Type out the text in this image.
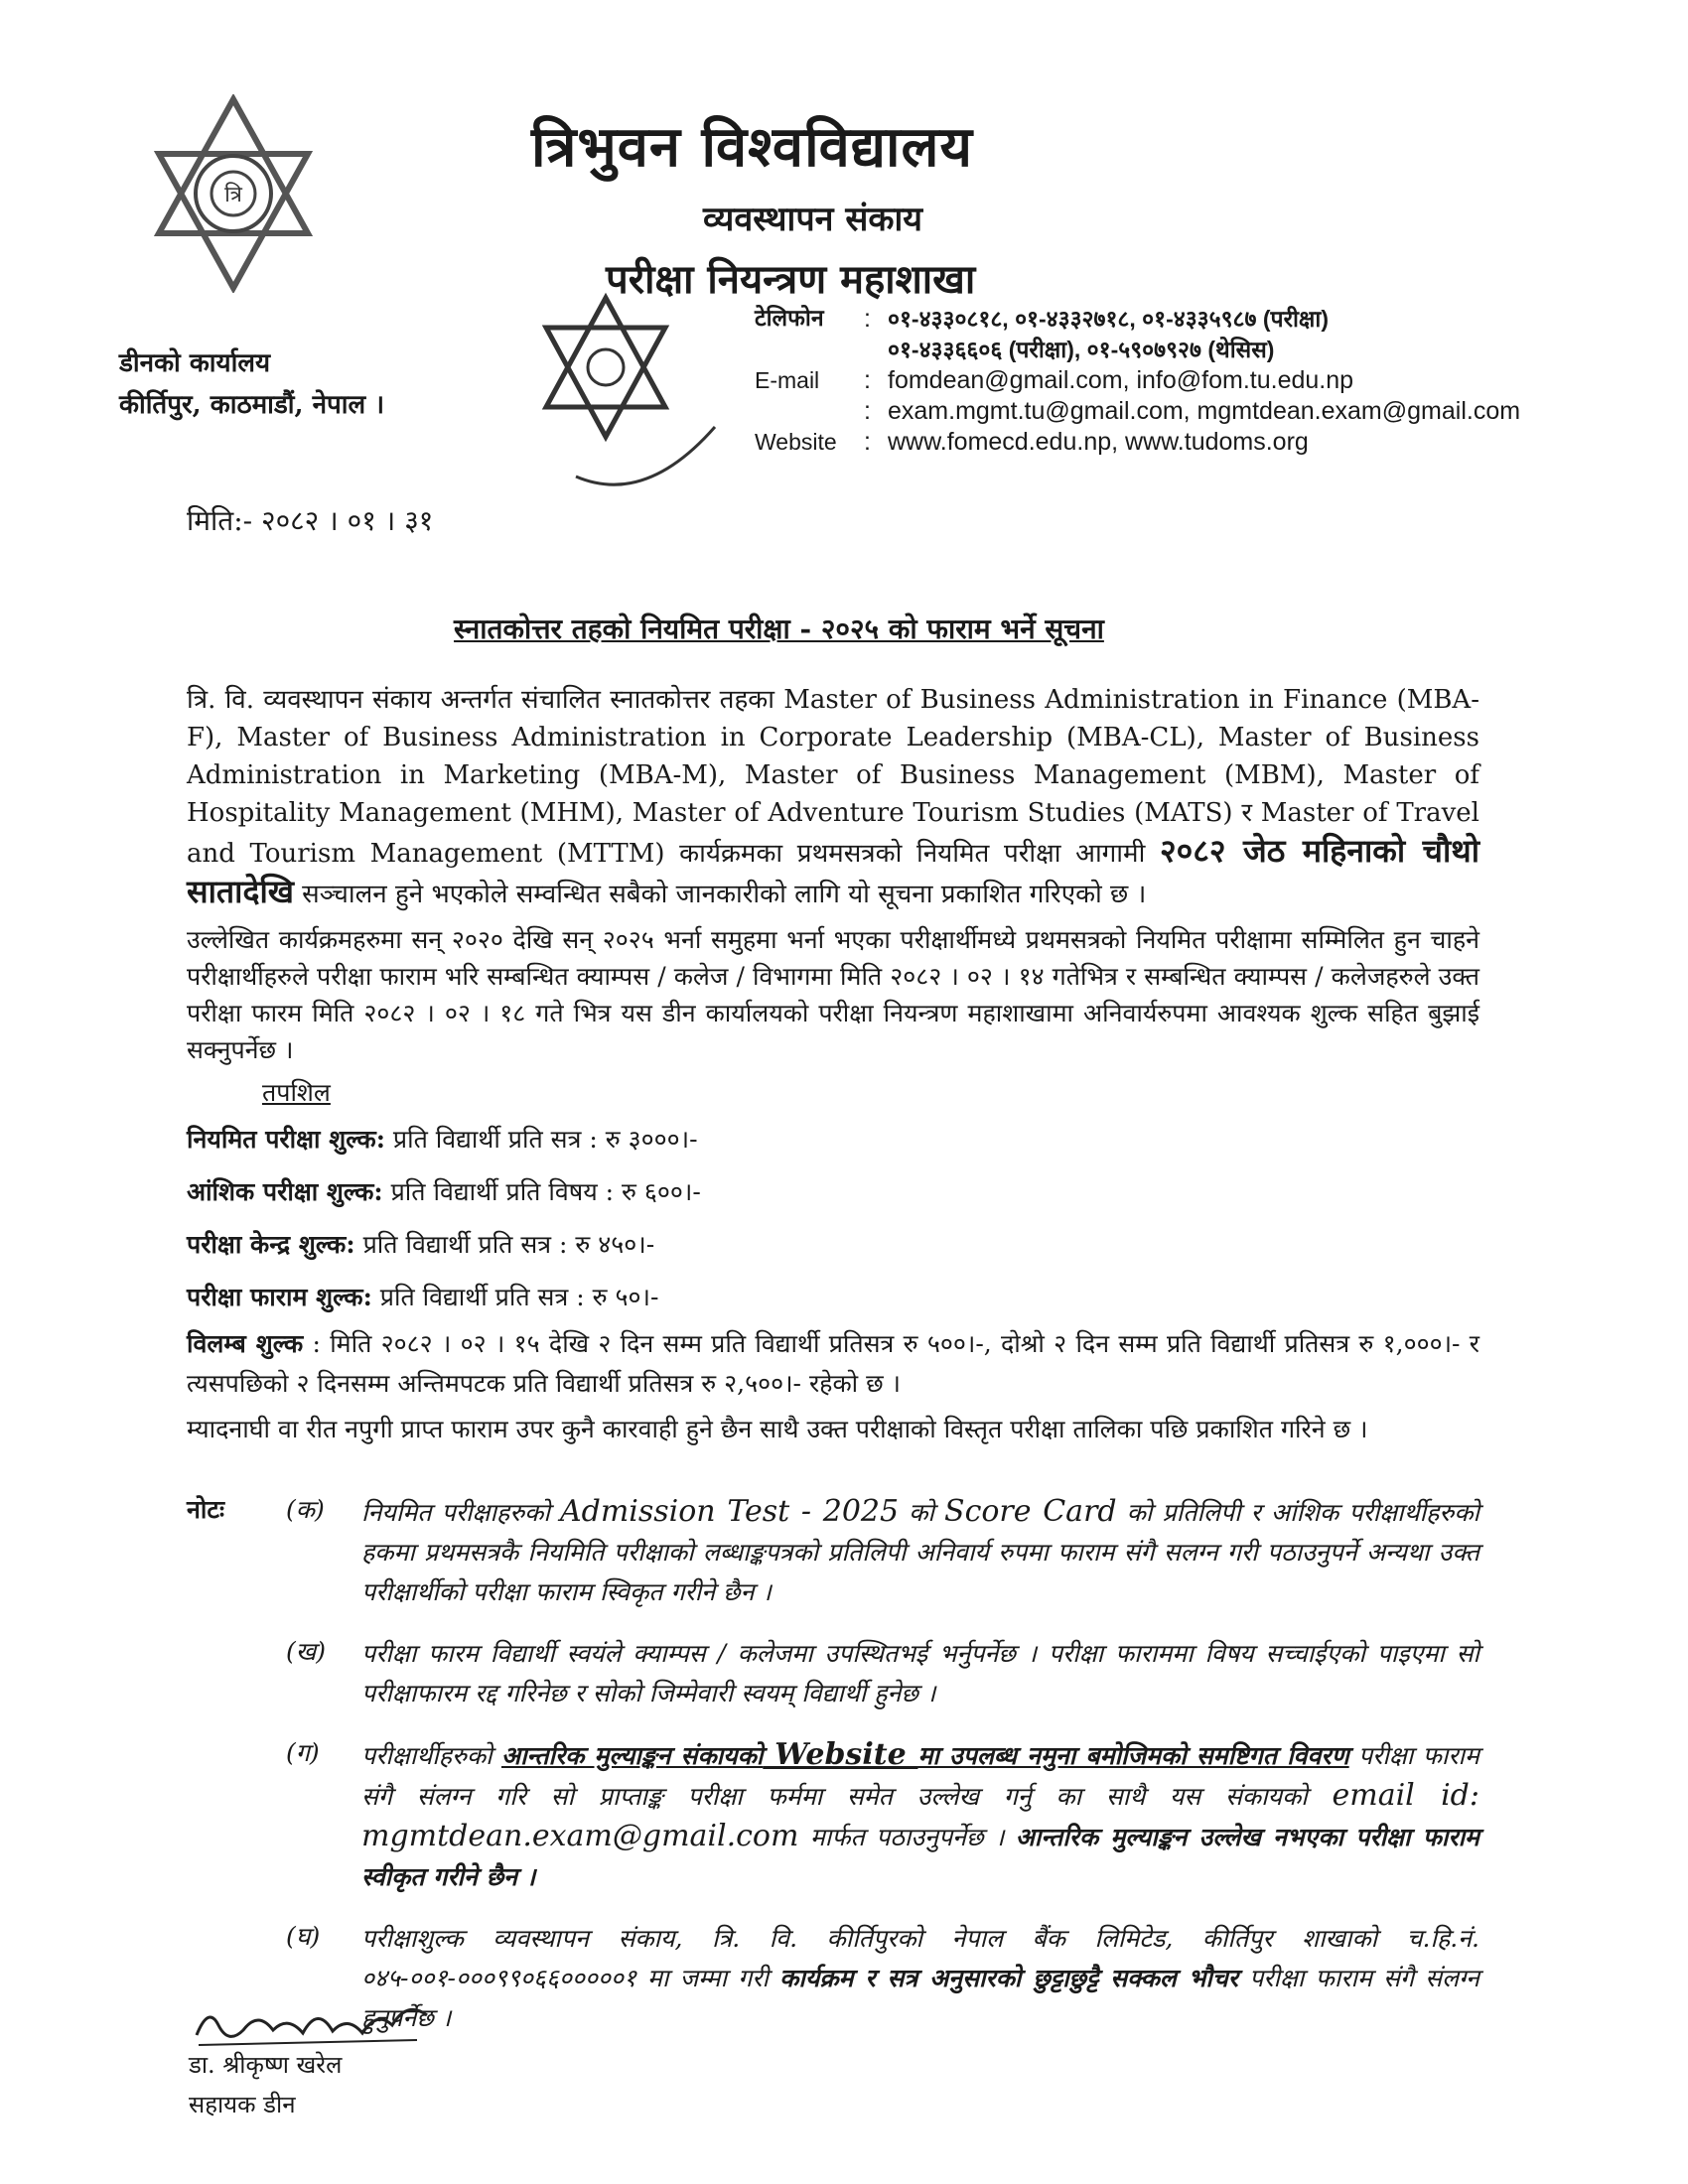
त्रि
त्रिभुवन विश्वविद्यालय
व्यवस्थापन संकाय
परीक्षा नियन्त्रण महाशाखा
डीनको कार्यालय
कीर्तिपुर, काठमाडौं, नेपाल ।
टेलिफोन	: ०१-४३३०८१८, ०१-४३३२७१८, ०१-४३३५९८७ (परीक्षा)
०१-४३३६६०६ (परीक्षा), ०१-५९०७९२७ (थेसिस)
E-mail	: fomdean@gmail.com, info@fom.tu.edu.np
: exam.mgmt.tu@gmail.com, mgmtdean.exam@gmail.com
Website	: www.fomecd.edu.np, www.tudoms.org
मिति:- २०८२ । ०१ । ३१
स्नातकोत्तर तहको नियमित परीक्षा - २०२५ को फाराम भर्ने सूचना
त्रि. वि. व्यवस्थापन संकाय अन्तर्गत संचालित स्नातकोत्तर तहका Master of Business Administration in Finance (MBA-F), Master of Business Administration in Corporate Leadership (MBA-CL), Master of Business Administration in Marketing (MBA-M), Master of Business Management (MBM), Master of Hospitality Management (MHM), Master of Adventure Tourism Studies (MATS) र Master of Travel and Tourism Management (MTTM) कार्यक्रमका प्रथमसत्रको नियमित परीक्षा आगामी २०८२ जेठ महिनाको चौथो सातादेखि सञ्चालन हुने भएकोले सम्वन्धित सबैको जानकारीको लागि यो सूचना प्रकाशित गरिएको छ ।
उल्लेखित कार्यक्रमहरुमा सन् २०२० देखि सन् २०२५ भर्ना समुहमा भर्ना भएका परीक्षार्थीमध्ये प्रथमसत्रको नियमित परीक्षामा सम्मिलित हुन चाहने परीक्षार्थीहरुले परीक्षा फाराम भरि सम्बन्धित क्याम्पस / कलेज / विभागमा मिति २०८२ । ०२ । १४ गतेभित्र र सम्बन्धित क्याम्पस / कलेजहरुले उक्त परीक्षा फारम मिति २०८२ । ०२ । १८ गते भित्र यस डीन कार्यालयको परीक्षा नियन्त्रण महाशाखामा अनिवार्यरुपमा आवश्यक शुल्क सहित बुझाई सक्नुपर्नेछ ।
तपशिल
नियमित परीक्षा शुल्क: प्रति विद्यार्थी प्रति सत्र : रु ३०००।-
आंशिक परीक्षा शुल्क: प्रति विद्यार्थी प्रति विषय : रु ६००।-
परीक्षा केन्द्र शुल्क: प्रति विद्यार्थी प्रति सत्र : रु ४५०।-
परीक्षा फाराम शुल्क: प्रति विद्यार्थी प्रति सत्र : रु ५०।-
विलम्ब शुल्क : मिति २०८२ । ०२ । १५ देखि २ दिन सम्म प्रति विद्यार्थी प्रतिसत्र रु ५००।-, दोश्रो २ दिन सम्म प्रति विद्यार्थी प्रतिसत्र रु १,०००।- र त्यसपछिको २ दिनसम्म अन्तिमपटक प्रति विद्यार्थी प्रतिसत्र रु २,५००।- रहेको छ ।
म्यादनाघी वा रीत नपुगी प्राप्त फाराम उपर कुनै कारवाही हुने छैन साथै उक्त परीक्षाको विस्तृत परीक्षा तालिका पछि प्रकाशित गरिने छ ।
नोटः	(क)	नियमित परीक्षाहरुको Admission Test - 2025 को Score Card को प्रतिलिपी र आंशिक परीक्षार्थीहरुको हकमा प्रथमसत्रकै नियमिति परीक्षाको लब्धाङ्कपत्रको प्रतिलिपी अनिवार्य रुपमा फाराम संगै सलग्न गरी पठाउनुपर्ने अन्यथा उक्त परीक्षार्थीको परीक्षा फाराम स्विकृत गरीने छैन ।
(ख)	परीक्षा फारम विद्यार्थी स्वयंले क्याम्पस / कलेजमा उपस्थितभई भर्नुपर्नेछ । परीक्षा फाराममा विषय सच्चाईएको पाइएमा सो परीक्षाफारम रद्द गरिनेछ र सोको जिम्मेवारी स्वयम् विद्यार्थी हुनेछ ।
(ग)	परीक्षार्थीहरुको आन्तरिक मुल्याङ्कन संकायको Website मा उपलब्ध नमुना बमोजिमको समष्टिगत विवरण परीक्षा फाराम संगै संलग्न गरि सो प्राप्ताङ्क परीक्षा फर्ममा समेत उल्लेख गर्नु का साथै यस संकायको email id: mgmtdean.exam@gmail.com मार्फत पठाउनुपर्नेछ । आन्तरिक मुल्याङ्कन उल्लेख नभएका परीक्षा फाराम स्वीकृत गरीने छैन ।
(घ)	परीक्षाशुल्क व्यवस्थापन संकाय, त्रि. वि. कीर्तिपुरको नेपाल बैंक लिमिटेड, कीर्तिपुर शाखाको च.हि.नं. ०४५-००१-०००९९०६६०००००१ मा जम्मा गरी कार्यक्रम र सत्र अनुसारको छुट्टाछुट्टै सक्कल भौचर परीक्षा फाराम संगै संलग्न हुनुपर्नेछ ।
डा. श्रीकृष्ण खरेल
सहायक डीन
